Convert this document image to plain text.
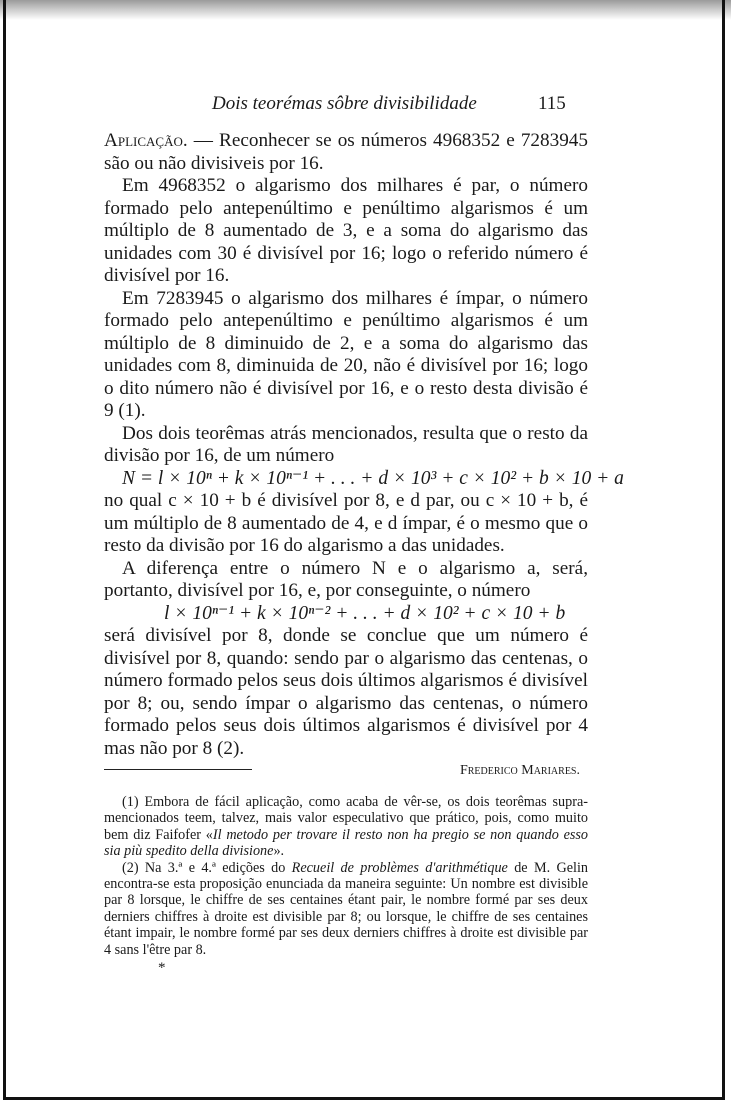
Dois teorémas sôbre divisibilidade	115

Aplicação. — Reconhecer se os números 4968352 e 7283945 são ou não divisiveis por 16.

Em 4968352 o algarismo dos milhares é par, o número formado pelo antepenúltimo e penúltimo algarismos é um múltiplo de 8 aumentado de 3, e a soma do algarismo das unidades com 30 é divisível por 16; logo o referido número é divisível por 16.

Em 7283945 o algarismo dos milhares é ímpar, o número formado pelo antepenúltimo e penúltimo algarismos é um múltiplo de 8 diminuido de 2, e a soma do algarismo das unidades com 8, diminuida de 20, não é divisível por 16; logo o dito número não é divisível por 16, e o resto desta divisão é 9 (1).

Dos dois teorêmas atrás mencionados, resulta que o resto da divisão por 16, de um número

N = l × 10ⁿ + k × 10ⁿ⁻¹ + . . . + d × 10³ + c × 10² + b × 10 + a

no qual c × 10 + b é divisível por 8, e d par, ou c × 10 + b, é um múltiplo de 8 aumentado de 4, e d ímpar, é o mesmo que o resto da divisão por 16 do algarismo a das unidades.

A diferença entre o número N e o algarismo a, será, portanto, divisível por 16, e, por conseguinte, o número

l × 10ⁿ⁻¹ + k × 10ⁿ⁻² + . . . + d × 10² + c × 10 + b

será divisível por 8, donde se conclue que um número é divisível por 8, quando: sendo par o algarismo das centenas, o número formado pelos seus dois últimos algarismos é divisível por 8; ou, sendo ímpar o algarismo das centenas, o número formado pelos seus dois últimos algarismos é divisível por 4 mas não por 8 (2).

Frederico Mariares.

(1) Embora de fácil aplicação, como acaba de vêr-se, os dois teorêmas supra-mencionados teem, talvez, mais valor especulativo que prático, pois, como muito bem diz Faifofer «Il metodo per trovare il resto non ha pregio se non quando esso sia più spedito della divisione».

(2) Na 3.ª e 4.ª edições do Recueil de problèmes d'arithmétique de M. Gelin encontra-se esta proposição enunciada da maneira seguinte: Un nombre est divisible par 8 lorsque, le chiffre de ses centaines étant pair, le nombre formé par ses deux derniers chiffres à droite est divisible par 8; ou lorsque, le chiffre de ses centaines étant impair, le nombre formé par ses deux derniers chiffres à droite est divisible par 4 sans l'être par 8.

*
